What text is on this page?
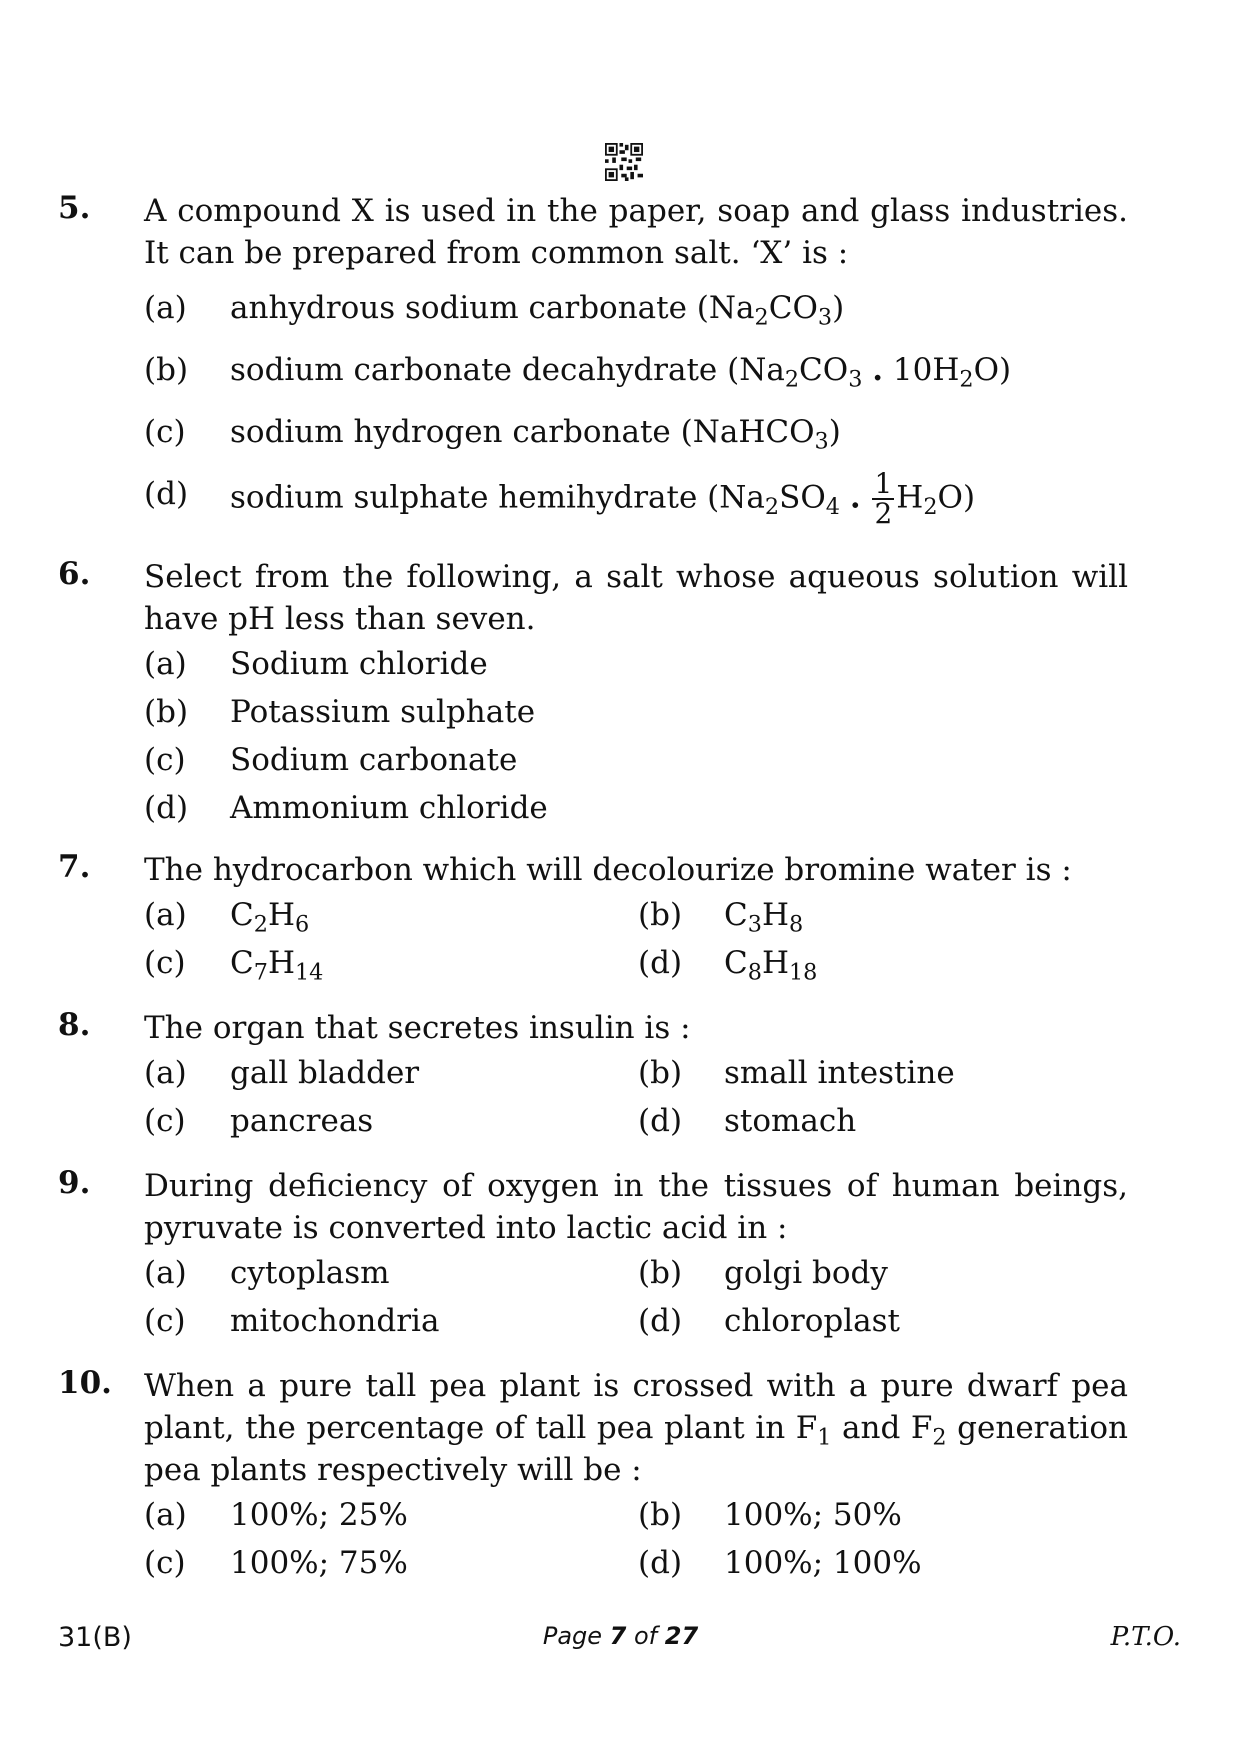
5. A compound X is used in the paper, soap and glass industries. It can be prepared from common salt. ‘X’ is :
(a) anhydrous sodium carbonate $(Na_2CO_3)$
(b) sodium carbonate decahydrate ($Na_2CO_3$ . $10H_2O$)
(c) sodium hydrogen carbonate (NaHCO$_3$)
(d) sodium sulphate hemihydrate ($Na_2SO_4$ . $\frac{1}{2} H_2O$)
6. Select from the following, a salt whose aqueous solution will have pH less than seven.
(a) Sodium chloride
(b) Potassium sulphate
(c) Sodium carbonate
(d) Ammonium chloride
7. The hydrocarbon which will decolourize bromine water is :
(a) $C_2H_6$	(b) $C_3H_8$
(c) $C_7H_{14}$	(d) $C_8H_{18}$
8. The organ that secretes insulin is :
(a) gall bladder	(b) small intestine
(c) pancreas	(d) stomach
9. During deficiency of oxygen in the tissues of human beings, pyruvate is converted into lactic acid in :
(a) cytoplasm	(b) golgi body
(c) mitochondria	(d) chloroplast
10. When a pure tall pea plant is crossed with a pure dwarf pea plant, the percentage of tall pea plant in $F_1$ and $F_2$ generation pea plants respectively will be :
(a) 100%; 25%	(b) 100%; 50%
(c) 100%; 75%	(d) 100%; 100%
31(B)	Page 7 of 27	P.T.O.
